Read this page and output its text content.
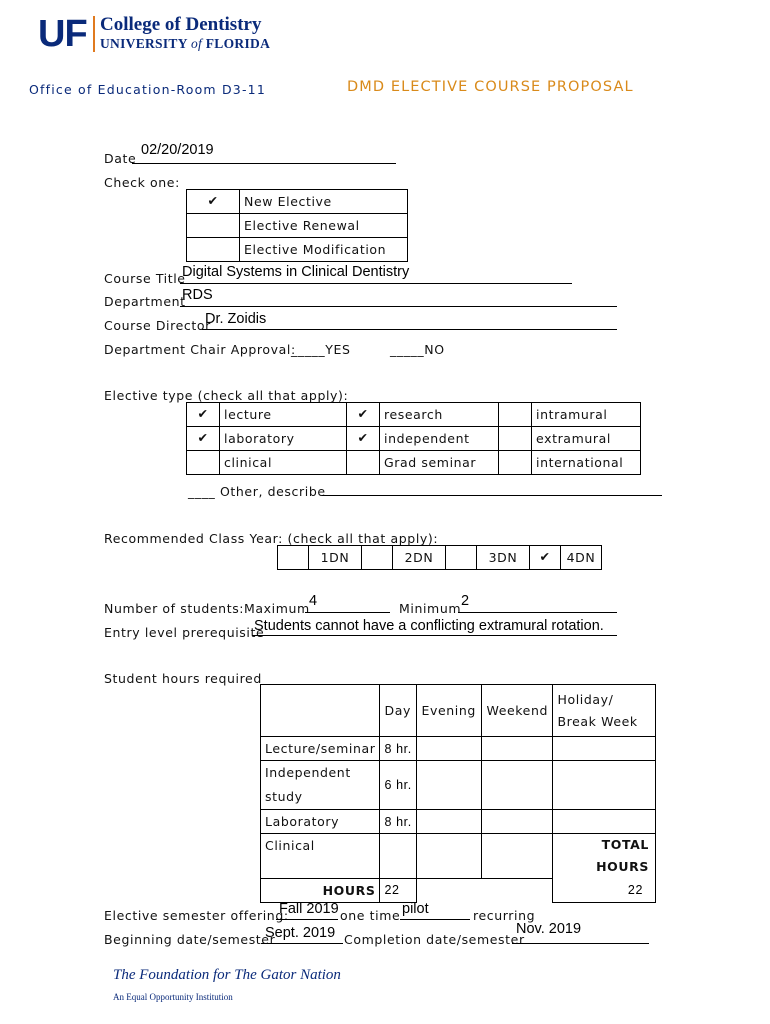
UF College of Dentistry
UNIVERSITY of FLORIDA
Office of Education-Room D3-11	DMD ELECTIVE COURSE PROPOSAL
Date
02/20/2019
Check one:
✔	New Elective
	Elective Renewal
	Elective Modification
Course Title
Digital Systems in Clinical Dentistry
Department
RDS
Course Director
Dr. Zoidis
Department Chair Approval:
_____YES	_____NO
Elective type (check all that apply):
✔	lecture	✔	research		intramural
✔	laboratory	✔	independent		extramural
	clinical		Grad seminar		international
____ Other, describe
Recommended Class Year: (check all that apply):
	1DN		2DN		3DN	✔	4DN
Number of students: Maximum 4	Minimum 2
Entry level prerequisite
Students cannot have a conflicting extramural rotation.
Student hours required
	Day	Evening	Weekend	Holiday/
Break Week

Lecture/seminar	8 hr.			

Independent
study	6 hr.			
Laboratory	8 hr.			
Clinical				TOTAL
HOURS

HOURS	22			22
Elective semester offering:
Fall 2019 one time pilot	recurring
Beginning date/semester
Sept. 2019 Completion date/semester
Nov. 2019
The Foundation for The Gator Nation
An Equal Opportunity Institution
